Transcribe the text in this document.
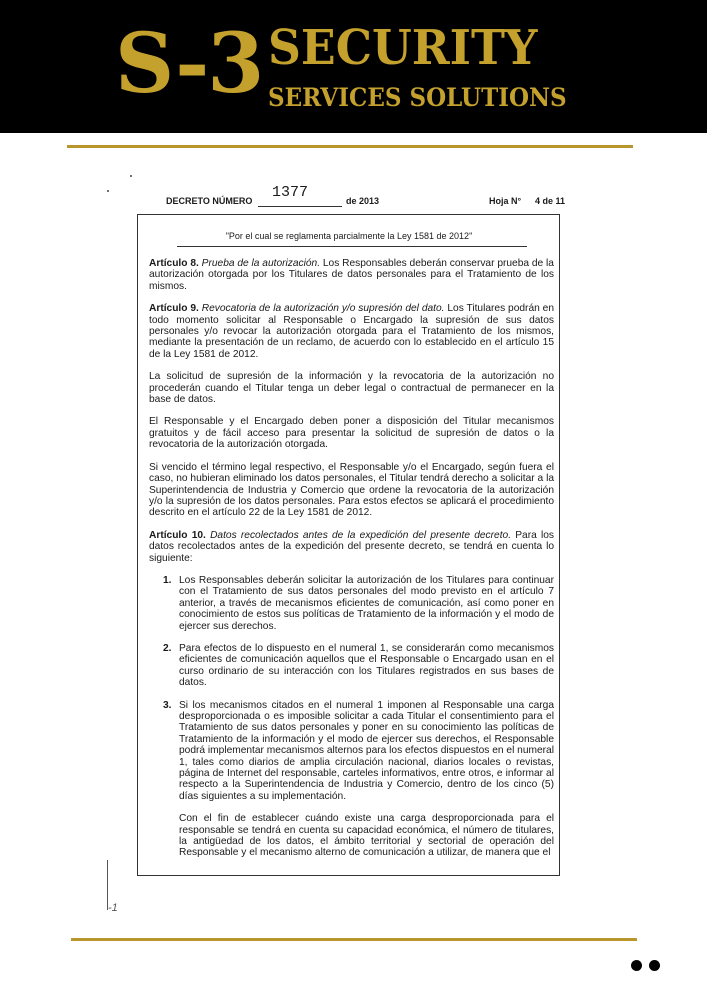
S-3 SECURITY
SERVICES SOLUTIONS
DECRETO NÚMERO 1377	de 2013	Hoja N° 4 de 11
"Por el cual se reglamenta parcialmente la Ley 1581 de 2012"

Artículo 8. Prueba de la autorización. Los Responsables deberán conservar prueba de la autorización otorgada por los Titulares de datos personales para el Tratamiento de los mismos.

Artículo 9. Revocatoria de la autorización y/o supresión del dato. Los Titulares podrán en todo momento solicitar al Responsable o Encargado la supresión de sus datos personales y/o revocar la autorización otorgada para el Tratamiento de los mismos, mediante la presentación de un reclamo, de acuerdo con lo establecido en el artículo 15 de la Ley 1581 de 2012.

La solicitud de supresión de la información y la revocatoria de la autorización no procederán cuando el Titular tenga un deber legal o contractual de permanecer en la base de datos.

El Responsable y el Encargado deben poner a disposición del Titular mecanismos gratuitos y de fácil acceso para presentar la solicitud de supresión de datos o la revocatoria de la autorización otorgada.

Si vencido el término legal respectivo, el Responsable y/o el Encargado, según fuera el caso, no hubieran eliminado los datos personales, el Titular tendrá derecho a solicitar a la Superintendencia de Industria y Comercio que ordene la revocatoria de la autorización y/o la supresión de los datos personales. Para estos efectos se aplicará el procedimiento descrito en el artículo 22 de la Ley 1581 de 2012.

Artículo 10. Datos recolectados antes de la expedición del presente decreto. Para los datos recolectados antes de la expedición del presente decreto, se tendrá en cuenta lo siguiente:

1. Los Responsables deberán solicitar la autorización de los Titulares para continuar con el Tratamiento de sus datos personales del modo previsto en el artículo 7 anterior, a través de mecanismos eficientes de comunicación, así como poner en conocimiento de estos sus políticas de Tratamiento de la información y el modo de ejercer sus derechos.
2. Para efectos de lo dispuesto en el numeral 1, se considerarán como mecanismos eficientes de comunicación aquellos que el Responsable o Encargado usan en el curso ordinario de su interacción con los Titulares registrados en sus bases de datos.
3. Si los mecanismos citados en el numeral 1 imponen al Responsable una carga desproporcionada o es imposible solicitar a cada Titular el consentimiento para el Tratamiento de sus datos personales y poner en su conocimiento las políticas de Tratamiento de la información y el modo de ejercer sus derechos, el Responsable podrá implementar mecanismos alternos para los efectos dispuestos en el numeral 1, tales como diarios de amplia circulación nacional, diarios locales o revistas, página de Internet del responsable, carteles informativos, entre otros, e informar al respecto a la Superintendencia de Industria y Comercio, dentro de los cinco (5) días siguientes a su implementación.

Con el fin de establecer cuándo existe una carga desproporcionada para el responsable se tendrá en cuenta su capacidad económica, el número de titulares, la antigüedad de los datos, el ámbito territorial y sectorial de operación del Responsable y el mecanismo alterno de comunicación a utilizar, de manera que el

-1
